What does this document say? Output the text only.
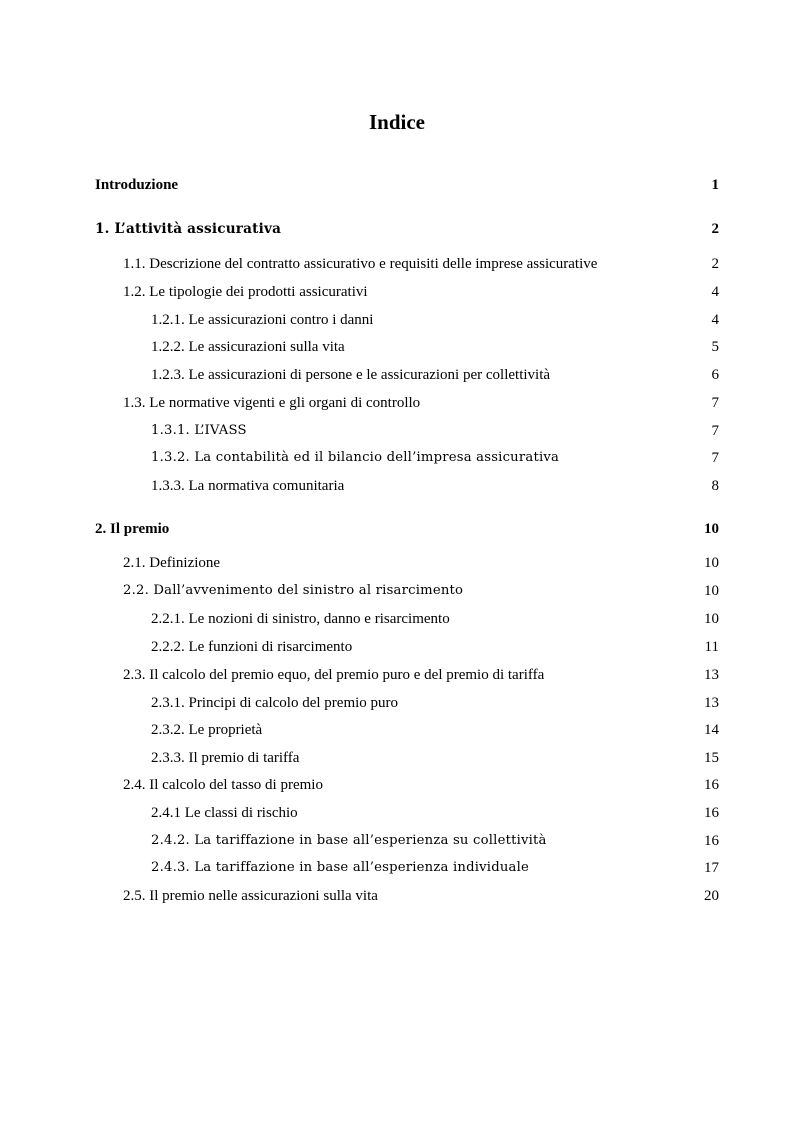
Indice
Introduzione	1
1. L’attività assicurativa	2
1.1. Descrizione del contratto assicurativo e requisiti delle imprese assicurative	2
1.2. Le tipologie dei prodotti assicurativi	4
1.2.1. Le assicurazioni contro i danni	4
1.2.2. Le assicurazioni sulla vita	5
1.2.3. Le assicurazioni di persone e le assicurazioni per collettività	6
1.3. Le normative vigenti e gli organi di controllo	7
1.3.1. L’IVASS	7
1.3.2. La contabilità ed il bilancio dell’impresa assicurativa	7
1.3.3. La normativa comunitaria	8
2. Il premio	10
2.1. Definizione	10
2.2. Dall’avvenimento del sinistro al risarcimento	10
2.2.1. Le nozioni di sinistro, danno e risarcimento	10
2.2.2. Le funzioni di risarcimento	11
2.3. Il calcolo del premio equo, del premio puro e del premio di tariffa	13
2.3.1. Principi di calcolo del premio puro	13
2.3.2. Le proprietà	14
2.3.3. Il premio di tariffa	15
2.4. Il calcolo del tasso di premio	16
2.4.1 Le classi di rischio	16
2.4.2. La tariffazione in base all’esperienza su collettività	16
2.4.3. La tariffazione in base all’esperienza individuale	17
2.5. Il premio nelle assicurazioni sulla vita	20
